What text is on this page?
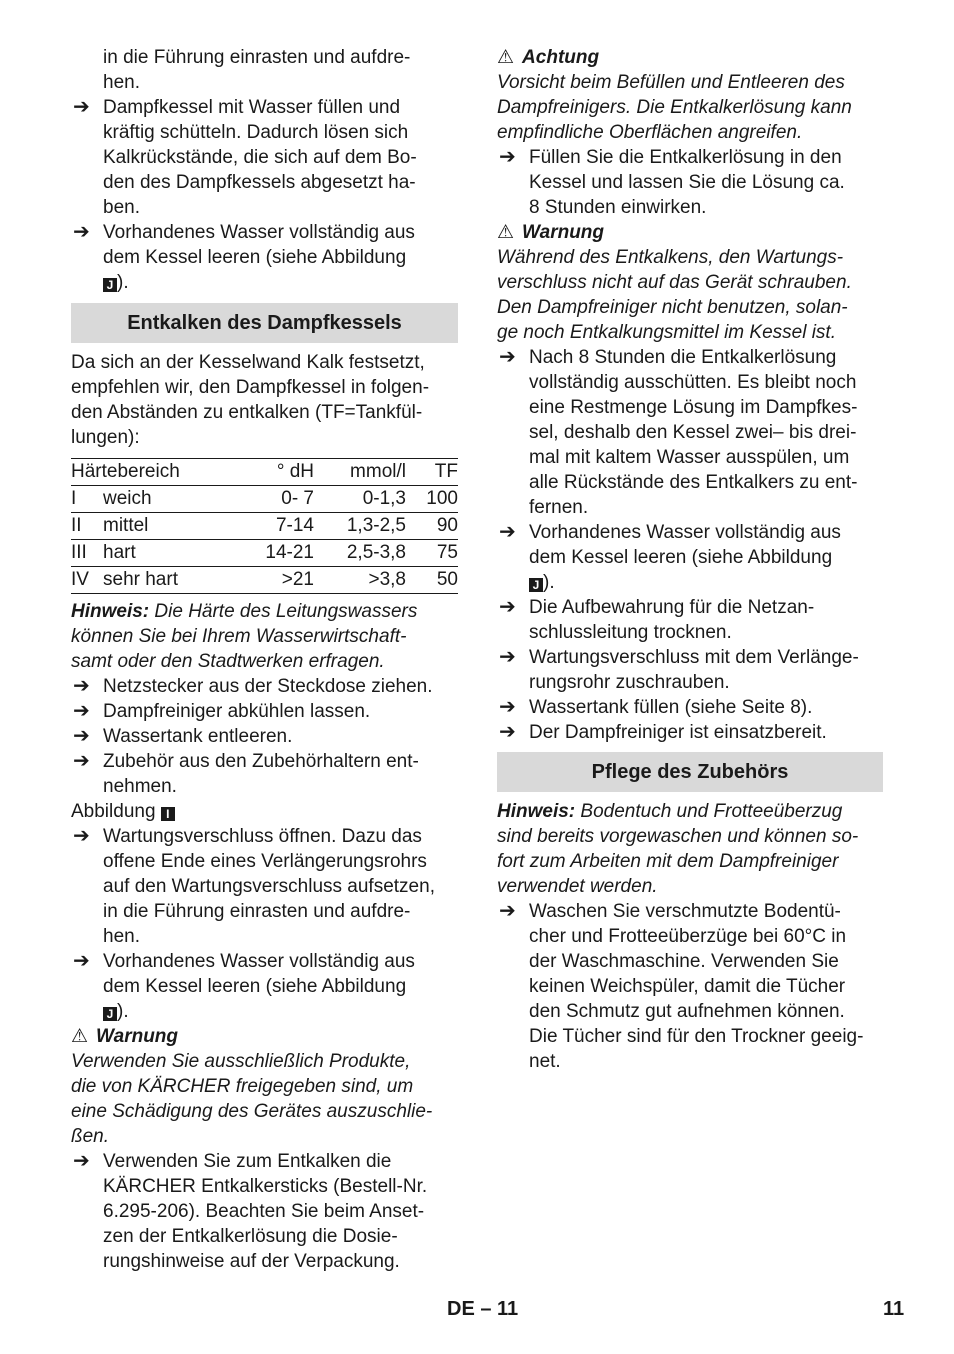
in die Führung einrasten und aufdre-
hen.
➔ Dampfkessel mit Wasser füllen und
kräftig schütteln. Dadurch lösen sich
Kalkrückstände, die sich auf dem Bo-
den des Dampfkessels abgesetzt ha-
ben.
➔ Vorhandenes Wasser vollständig aus
dem Kessel leeren (siehe Abbildung
J ).
Entkalken des Dampfkessels
Da sich an der Kesselwand Kalk festsetzt,
empfehlen wir, den Dampfkessel in folgen-
den Abständen zu entkalken (TF=Tankfül-
lungen):
Härtebereich		° dH	mmol/l	TF
I	weich	0- 7	0-1,3	100
II	mittel	7-14	1,3-2,5	90
III	hart	14-21	2,5-3,8	75
IV	sehr hart	>21	>3,8	50
Hinweis: Die Härte des Leitungswassers
können Sie bei Ihrem Wasserwirtschaft-
samt oder den Stadtwerken erfragen.
➔ Netzstecker aus der Steckdose ziehen.
➔ Dampfreiniger abkühlen lassen.
➔ Wassertank entleeren.
➔ Zubehör aus den Zubehörhaltern ent-
nehmen.
Abbildung I
➔ Wartungsverschluss öffnen. Dazu das
offene Ende eines Verlängerungsrohrs
auf den Wartungsverschluss aufsetzen,
in die Führung einrasten und aufdre-
hen.
➔ Vorhandenes Wasser vollständig aus
dem Kessel leeren (siehe Abbildung
J ).
⚠ Warnung
Verwenden Sie ausschließlich Produkte,
die von KÄRCHER freigegeben sind, um
eine Schädigung des Gerätes auszuschlie-
ßen.
➔ Verwenden Sie zum Entkalken die
KÄRCHER Entkalkersticks (Bestell-Nr.
6.295-206). Beachten Sie beim Anset-
zen der Entkalkerlösung die Dosie-
rungshinweise auf der Verpackung.
⚠ Achtung
Vorsicht beim Befüllen und Entleeren des
Dampfreinigers. Die Entkalkerlösung kann
empfindliche Oberflächen angreifen.
➔ Füllen Sie die Entkalkerlösung in den
Kessel und lassen Sie die Lösung ca.
8 Stunden einwirken.
⚠ Warnung
Während des Entkalkens, den Wartungs-
verschluss nicht auf das Gerät schrauben.
Den Dampfreiniger nicht benutzen, solan-
ge noch Entkalkungsmittel im Kessel ist.
➔ Nach 8 Stunden die Entkalkerlösung
vollständig ausschütten. Es bleibt noch
eine Restmenge Lösung im Dampfkes-
sel, deshalb den Kessel zwei– bis drei-
mal mit kaltem Wasser ausspülen, um
alle Rückstände des Entkalkers zu ent-
fernen.
➔ Vorhandenes Wasser vollständig aus
dem Kessel leeren (siehe Abbildung
J ).
➔ Die Aufbewahrung für die Netzan-
schlussleitung trocknen.
➔ Wartungsverschluss mit dem Verlänge-
rungsrohr zuschrauben.
➔ Wassertank füllen (siehe Seite 8).
➔ Der Dampfreiniger ist einsatzbereit.
Pflege des Zubehörs
Hinweis: Bodentuch und Frotteeüberzug
sind bereits vorgewaschen und können so-
fort zum Arbeiten mit dem Dampfreiniger
verwendet werden.
➔ Waschen Sie verschmutzte Bodentü-
cher und Frotteeüberzüge bei 60°C in
der Waschmaschine. Verwenden Sie
keinen Weichspüler, damit die Tücher
den Schmutz gut aufnehmen können.
Die Tücher sind für den Trockner geeig-
net.
DE – 11	11
